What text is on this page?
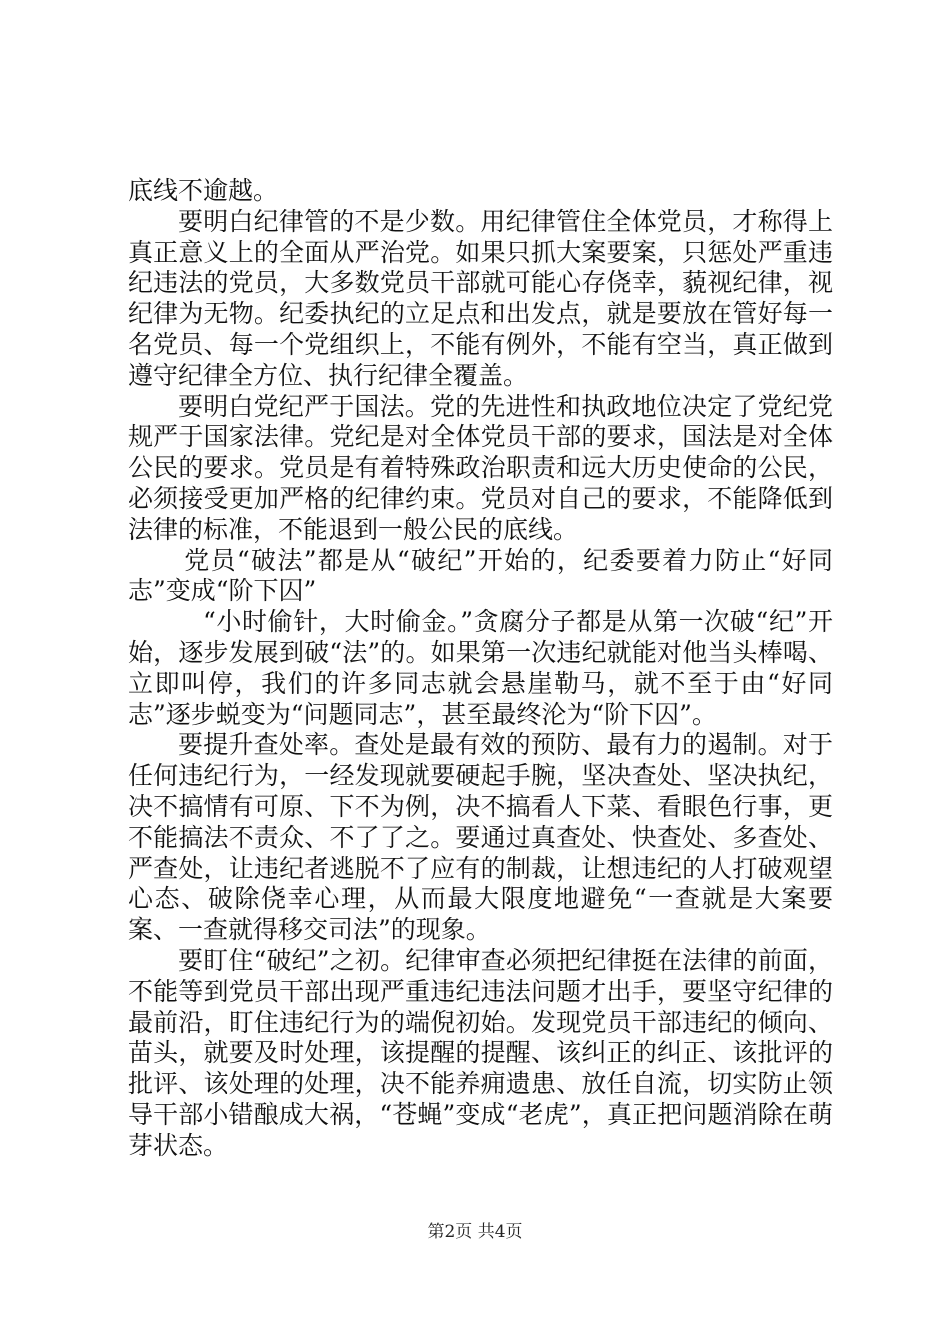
底线不逾越。

要明白纪律管的不是少数。用纪律管住全体党员，才称得上真正意义上的全面从严治党。如果只抓大案要案，只惩处严重违纪违法的党员，大多数党员干部就可能心存侥幸，藐视纪律，视纪律为无物。纪委执纪的立足点和出发点，就是要放在管好每一名党员、每一个党组织上，不能有例外，不能有空当，真正做到遵守纪律全方位、执行纪律全覆盖。

要明白党纪严于国法。党的先进性和执政地位决定了党纪党规严于国家法律。党纪是对全体党员干部的要求，国法是对全体公民的要求。党员是有着特殊政治职责和远大历史使命的公民，必须接受更加严格的纪律约束。党员对自己的要求，不能降低到法律的标准，不能退到一般公民的底线。

党员“破法”都是从“破纪”开始的，纪委要着力防止“好同志”变成“阶下囚”

“小时偷针，大时偷金。”贪腐分子都是从第一次破“纪”开始，逐步发展到破“法”的。如果第一次违纪就能对他当头棒喝、立即叫停，我们的许多同志就会悬崖勒马，就不至于由“好同志”逐步蜕变为“问题同志”，甚至最终沦为“阶下囚”。

要提升查处率。查处是最有效的预防、最有力的遏制。对于任何违纪行为，一经发现就要硬起手腕，坚决查处、坚决执纪，决不搞情有可原、下不为例，决不搞看人下菜、看眼色行事，更不能搞法不责众、不了了之。要通过真查处、快查处、多查处、严查处，让违纪者逃脱不了应有的制裁，让想违纪的人打破观望心态、破除侥幸心理，从而最大限度地避免“一查就是大案要案、一查就得移交司法”的现象。

要盯住“破纪”之初。纪律审查必须把纪律挺在法律的前面，不能等到党员干部出现严重违纪违法问题才出手，要坚守纪律的最前沿，盯住违纪行为的端倪初始。发现党员干部违纪的倾向、苗头，就要及时处理，该提醒的提醒、该纠正的纠正、该批评的批评、该处理的处理，决不能养痈遗患、放任自流，切实防止领导干部小错酿成大祸，“苍蝇”变成“老虎”，真正把问题消除在萌芽状态。

第2页 共4页
